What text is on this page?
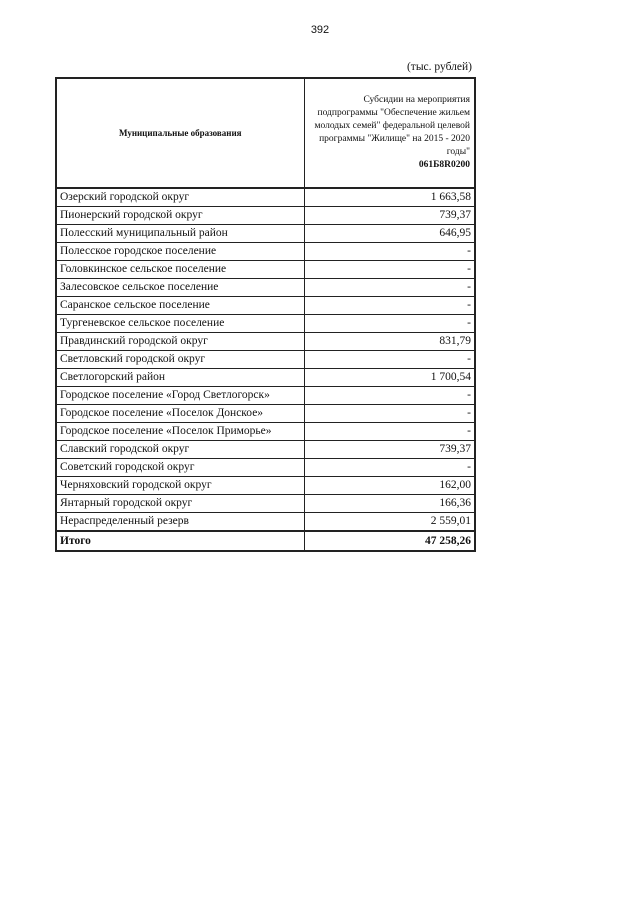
392
(тыс. рублей)
Муниципальные образования	Субсидии на мероприятия подпрограммы "Обеспечение жильем молодых семей" федеральной целевой программы "Жилище" на 2015 - 2020 годы"
061Б8R0200

Озерский городской округ	1 663,58
Пионерский городской округ	739,37
Полесский муниципальный район	646,95
Полесское городское поселение	-
Головкинское сельское поселение	-
Залесовское сельское поселение	-
Саранское сельское поселение	-
Тургеневское сельское поселение	-
Правдинский городской округ	831,79
Светловский городской округ	-
Светлогорский район	1 700,54
Городское поселение «Город Светлогорск»	-
Городское поселение «Поселок Донское»	-
Городское поселение «Поселок Приморье»	-
Славский городской округ	739,37
Советский городской округ	-
Черняховский городской округ	162,00
Янтарный городской округ	166,36
Нераспределенный резерв	2 559,01
Итого	47 258,26
